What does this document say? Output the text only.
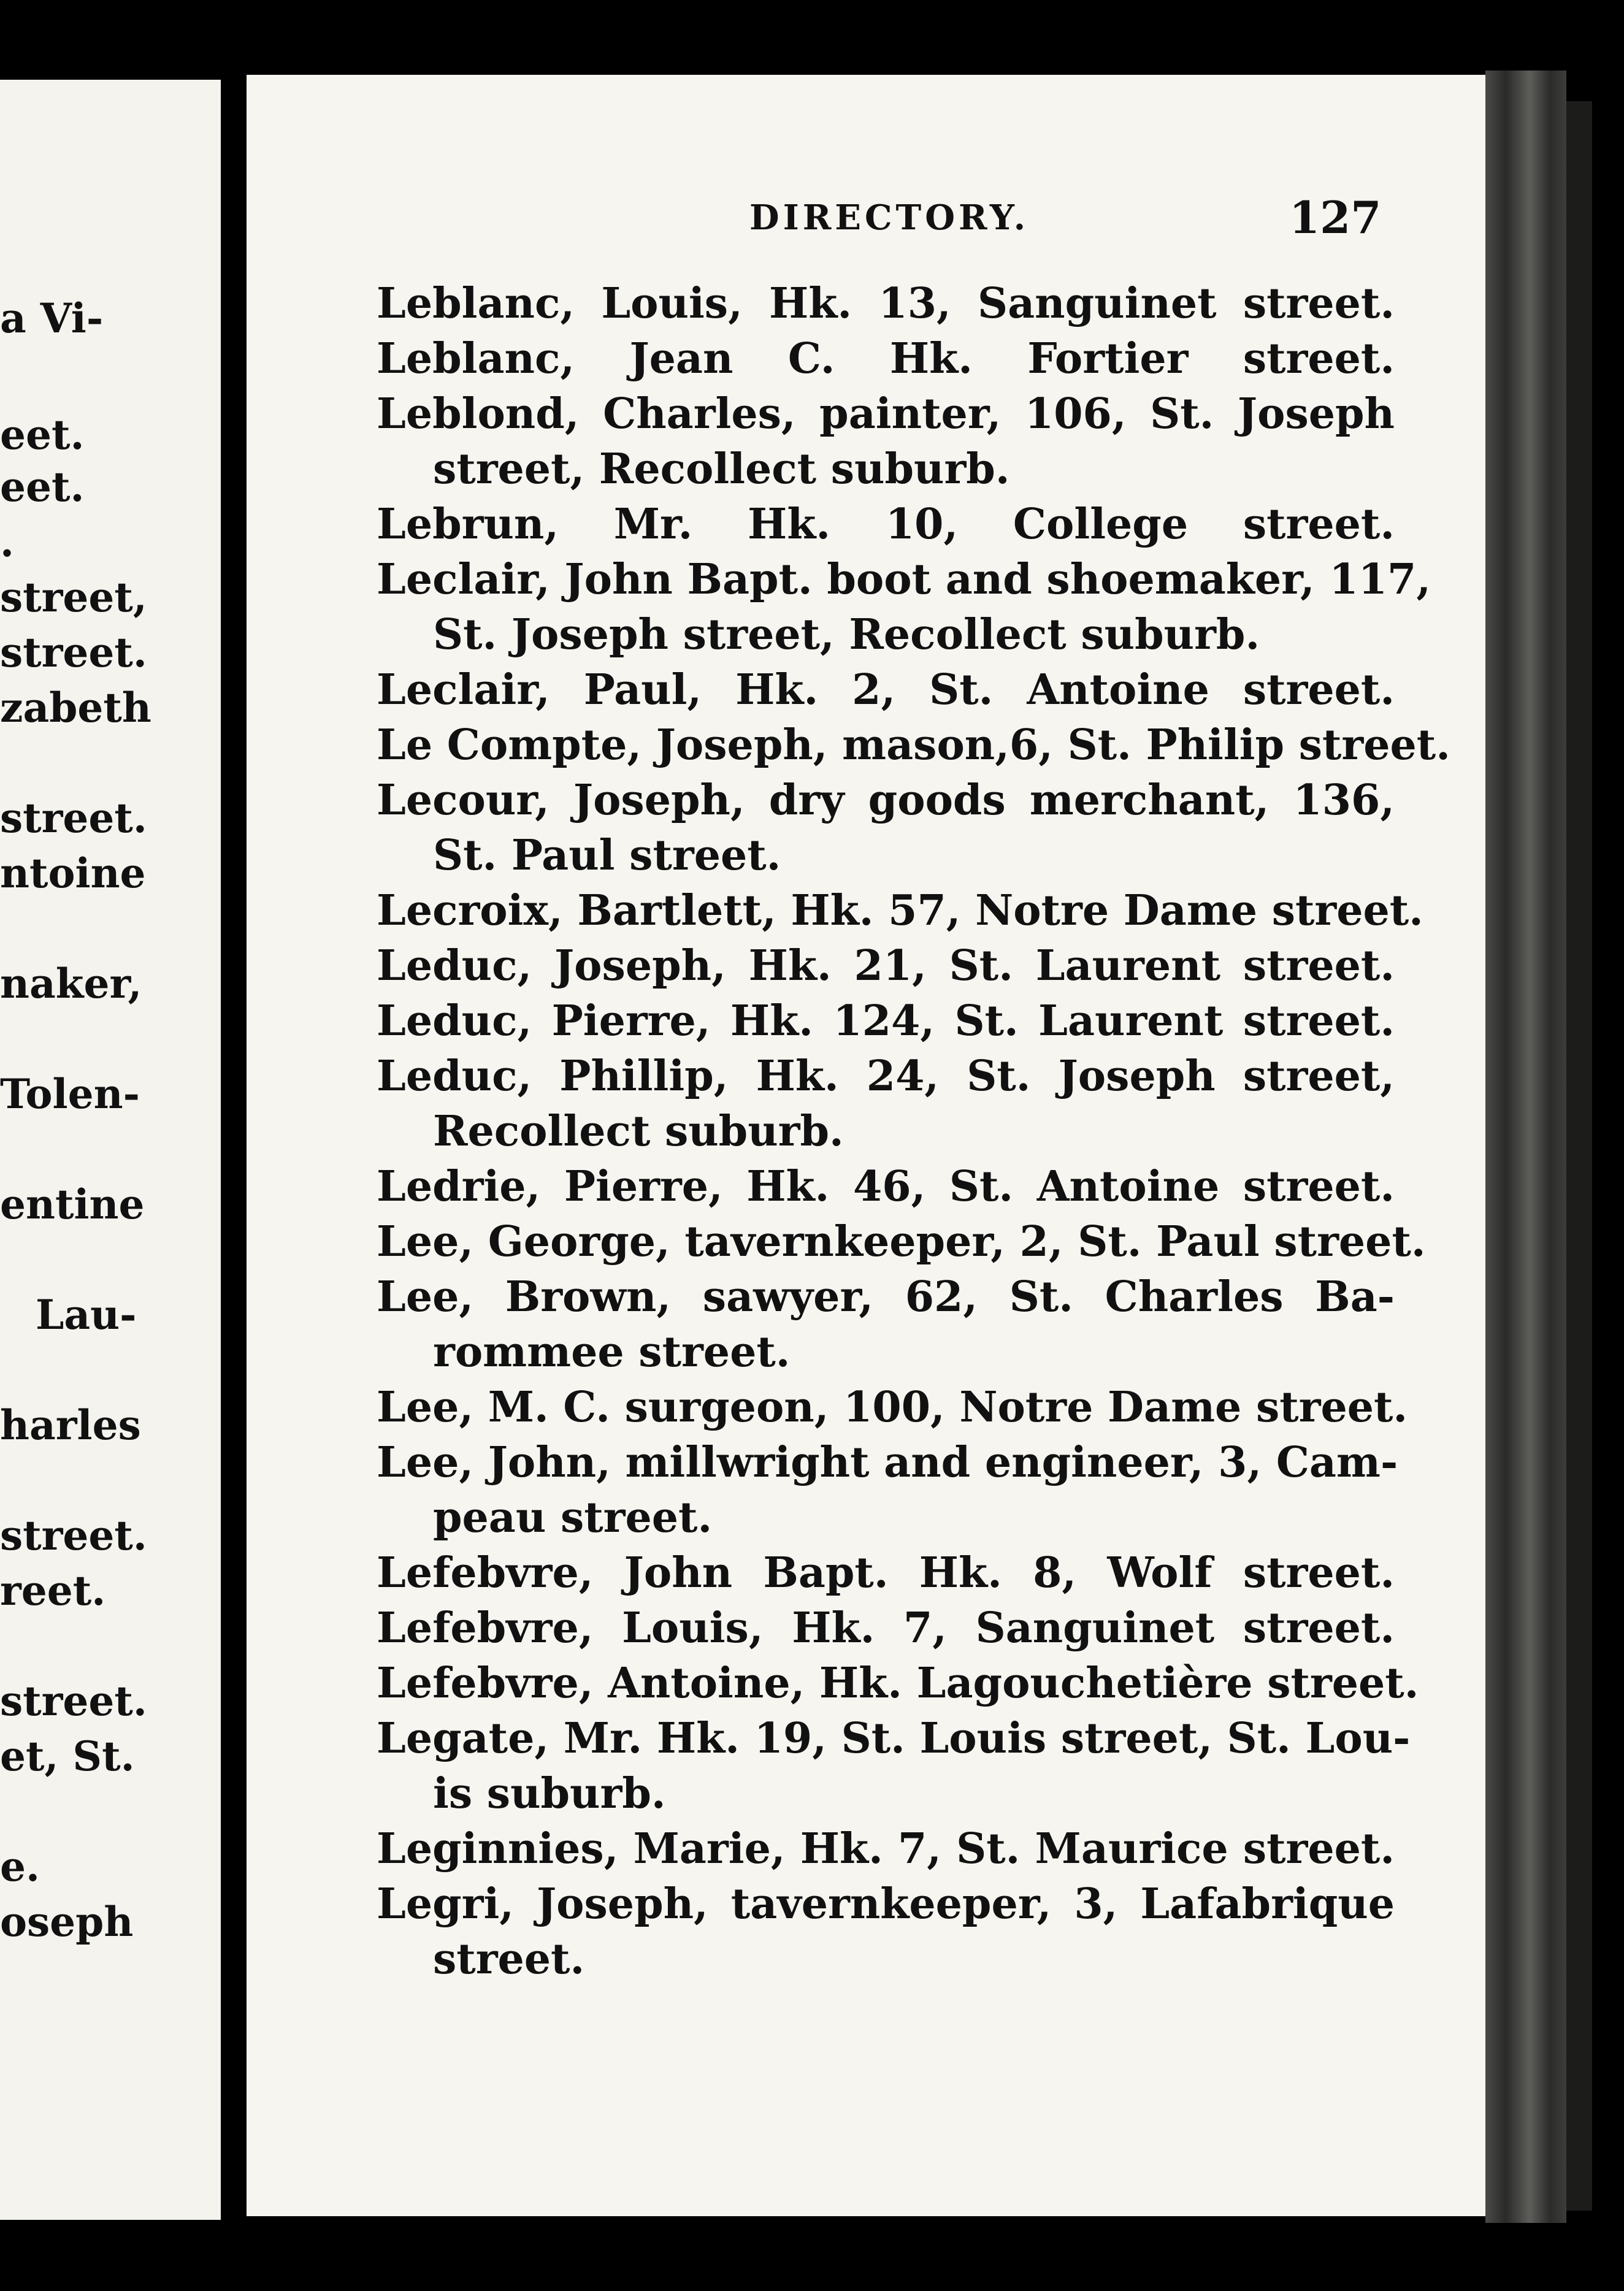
a Vi-
eet.
eet.
.
street,
street.
zabeth
street.
ntoine
naker,
Tolen-
entine
Lau-
harles
street.
reet.
street.
et, St.
e.
oseph
DIRECTORY.	127
Leblanc, Louis, Hk. 13, Sanguinet street.
Leblanc, Jean C. Hk. Fortier street.
Leblond, Charles, painter, 106, St. Joseph
street, Recollect suburb.
Lebrun, Mr. Hk. 10, College street.
Leclair, John Bapt. boot and shoemaker, 117,
St. Joseph street, Recollect suburb.
Leclair, Paul, Hk. 2, St. Antoine street.
Le Compte, Joseph, mason,6, St. Philip street.
Lecour, Joseph, dry goods merchant, 136,
St. Paul street.
Lecroix, Bartlett, Hk. 57, Notre Dame street.
Leduc, Joseph, Hk. 21, St. Laurent street.
Leduc, Pierre, Hk. 124, St. Laurent street.
Leduc, Phillip, Hk. 24, St. Joseph street,
Recollect suburb.
Ledrie, Pierre, Hk. 46, St. Antoine street.
Lee, George, tavernkeeper, 2, St. Paul street.
Lee, Brown, sawyer, 62, St. Charles Ba-
rommee street.
Lee, M. C. surgeon, 100, Notre Dame street.
Lee, John, millwright and engineer, 3, Cam-
peau street.
Lefebvre, John Bapt. Hk. 8, Wolf street.
Lefebvre, Louis, Hk. 7, Sanguinet street.
Lefebvre, Antoine, Hk. Lagouchetière street.
Legate, Mr. Hk. 19, St. Louis street, St. Lou-
is suburb.
Leginnies, Marie, Hk. 7, St. Maurice street.
Legri, Joseph, tavernkeeper, 3, Lafabrique
street.
